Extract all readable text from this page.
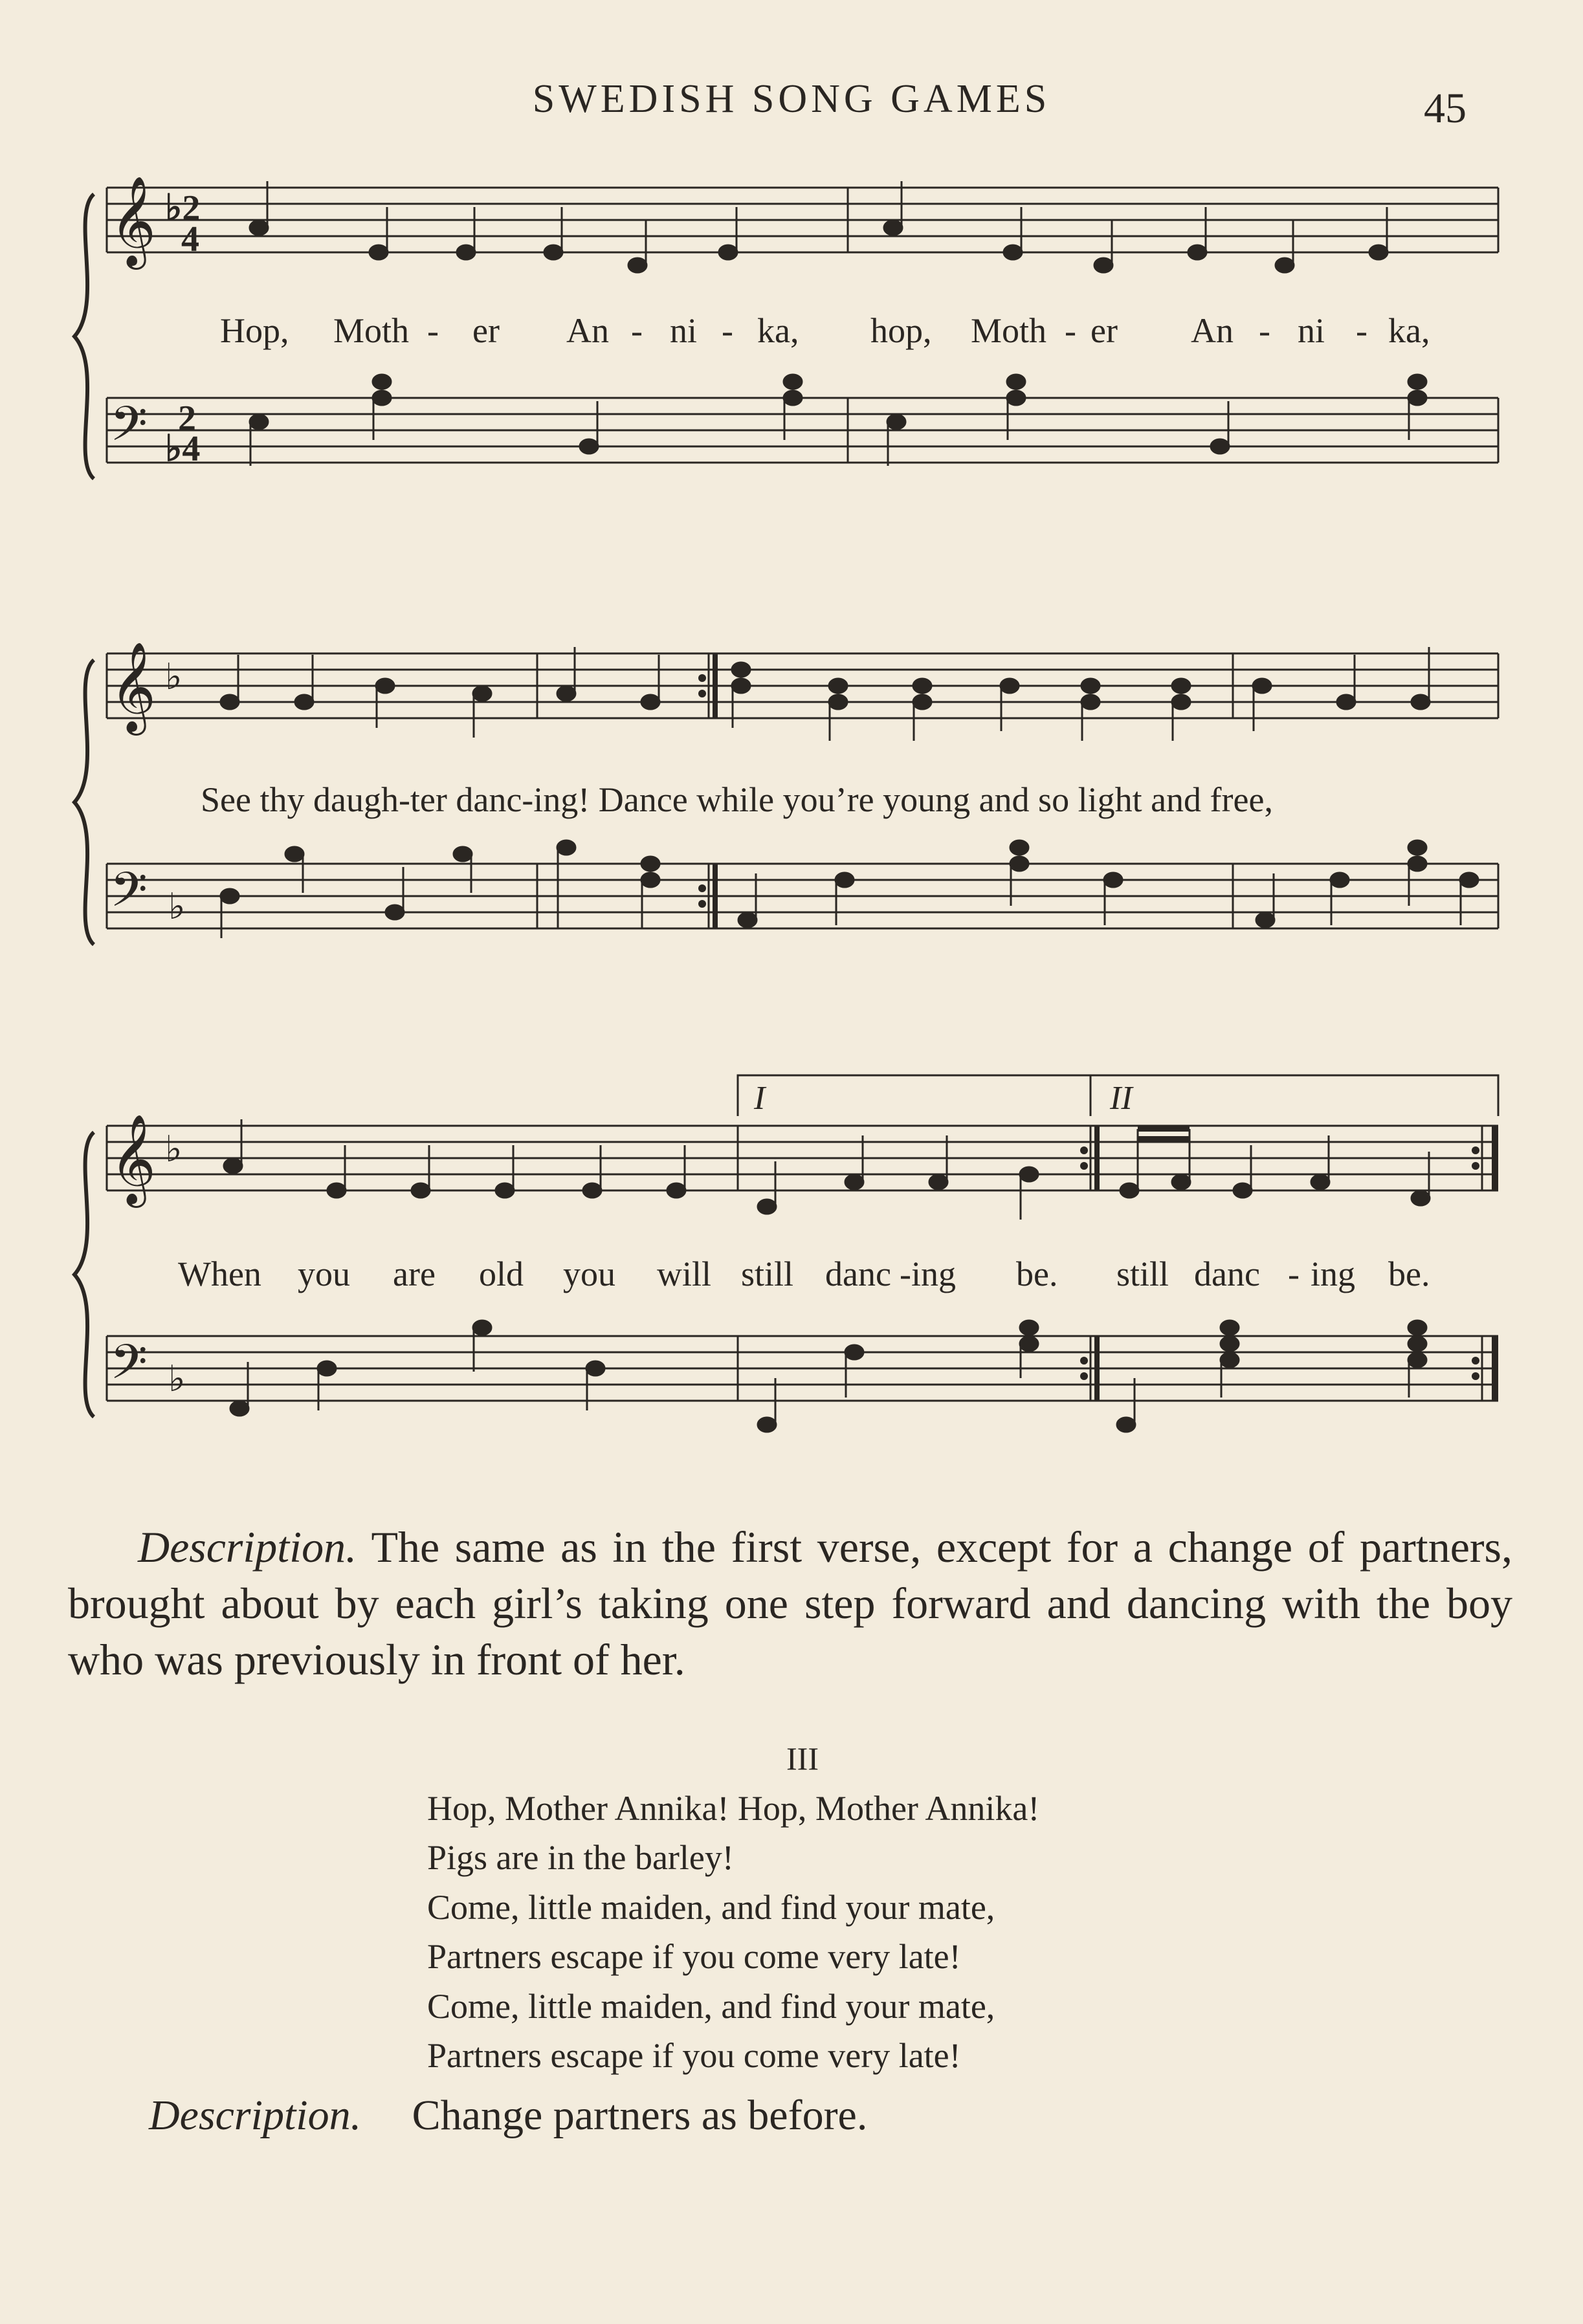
SWEDISH SONG GAMES	45
𝄞
𝄢
♭2
4
2
♭4
Hop, Moth - er An - ni - ka, hop, Moth - er An - ni - ka,
𝄞
𝄢
♭
♭
See thy daugh-ter danc-ing! Dance while you’re young and so light and free,
𝄞
𝄢
♭
♭
I	II
When you are old you will still danc -ing be. still danc - ing be.
Description. The same as in the first verse, except for a change of partners, brought about by each girl’s taking one step forward and dancing with the boy who was previously in front of her.
III
Hop, Mother Annika! Hop, Mother Annika!
Pigs are in the barley!
Come, little maiden, and find your mate,
Partners escape if you come very late!
Come, little maiden, and find your mate,
Partners escape if you come very late!
Description. Change partners as before.
